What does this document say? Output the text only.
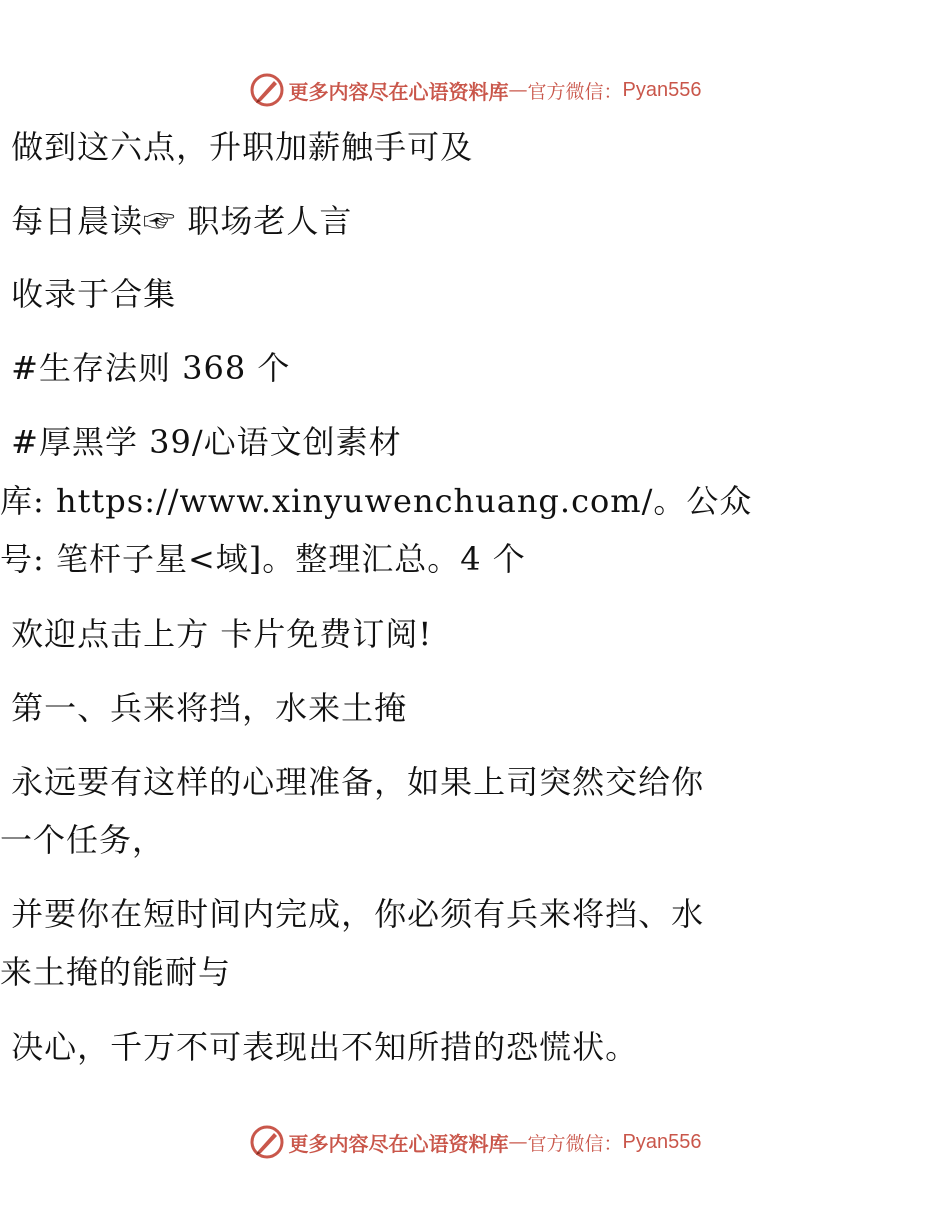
更多内容尽在心语资料库 — 官方微信： Pyan556
做到这六点，升职加薪触手可及
每日晨读☞ 职场老人言
收录于合集
#生存法则 368 个
#厚黑学 39/心语文创素材
库: https://www.xinyuwenchuang.com/。公众
号: 笔杆子星<域]。整理汇总。4 个
欢迎点击上方 卡片免费订阅!
第一、兵来将挡，水来土掩
永远要有这样的心理准备，如果上司突然交给你
一个任务，
并要你在短时间内完成，你必须有兵来将挡、水
来土掩的能耐与
决心，千万不可表现出不知所措的恐慌状。
更多内容尽在心语资料库 — 官方微信： Pyan556
